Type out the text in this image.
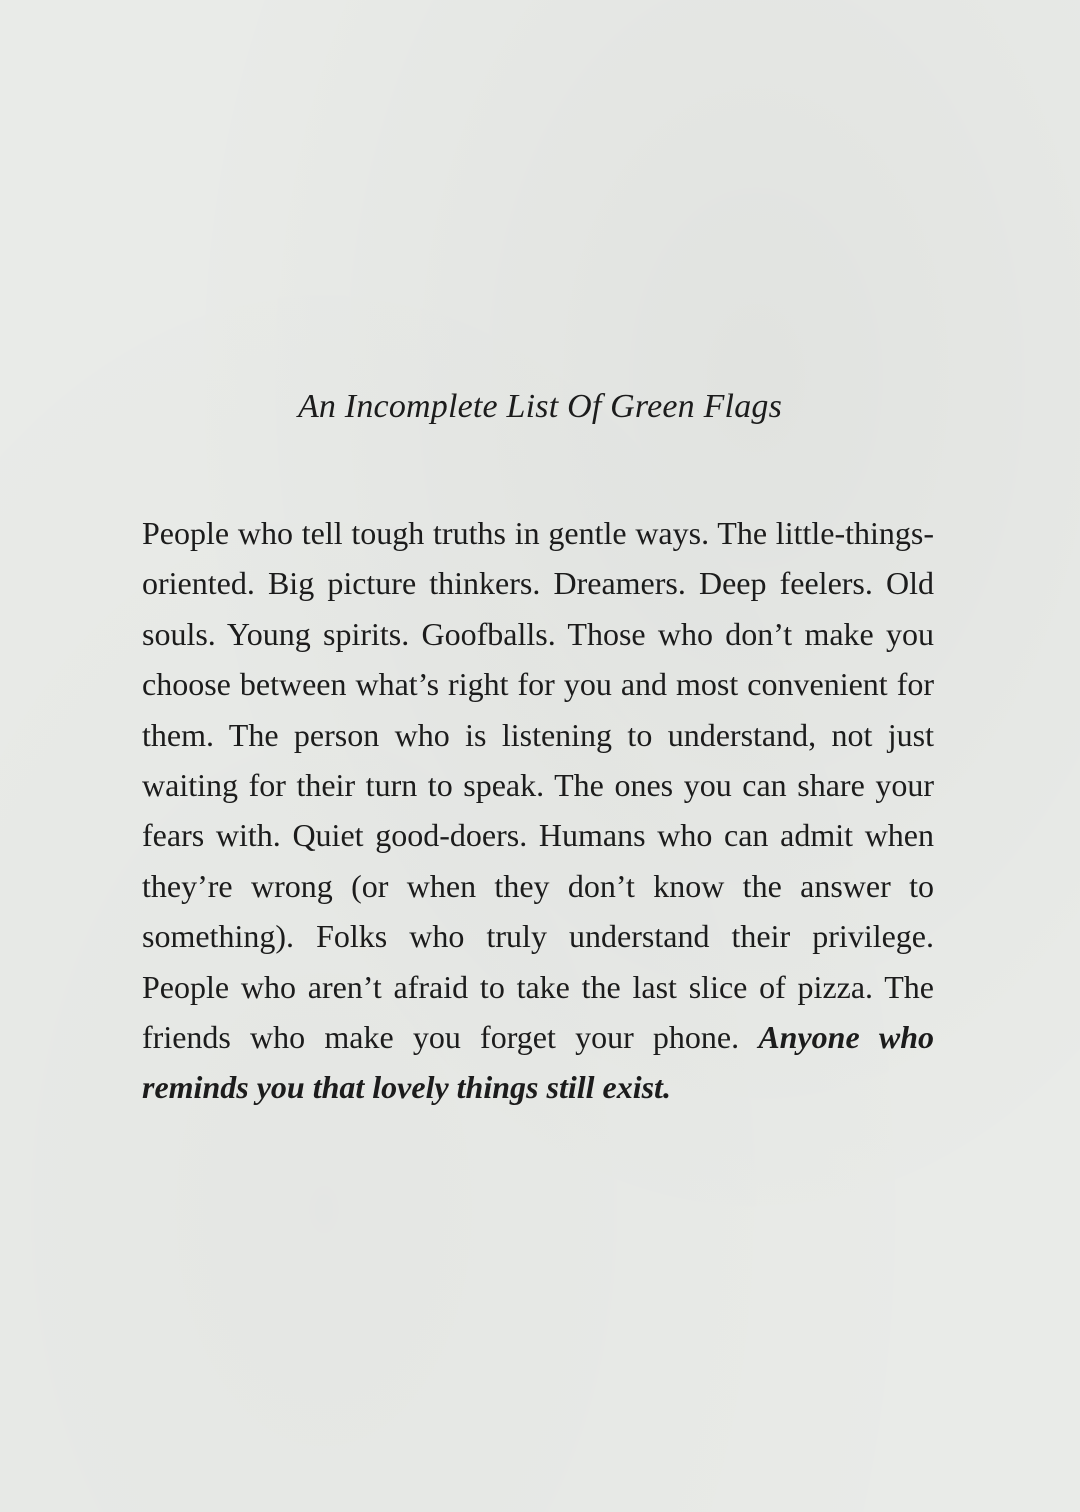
An Incomplete List Of Green Flags
People who tell tough truths in gentle ways. The little-things-oriented. Big picture thinkers. Dreamers. Deep feelers. Old souls. Young spirits. Goofballs. Those who don’t make you choose between what’s right for you and most convenient for them. The person who is listening to understand, not just waiting for their turn to speak. The ones you can share your fears with. Quiet good-doers. Humans who can admit when they’re wrong (or when they don’t know the answer to something). Folks who truly understand their privilege. People who aren’t afraid to take the last slice of pizza. The friends who make you forget your phone. Anyone who reminds you that lovely things still exist.
